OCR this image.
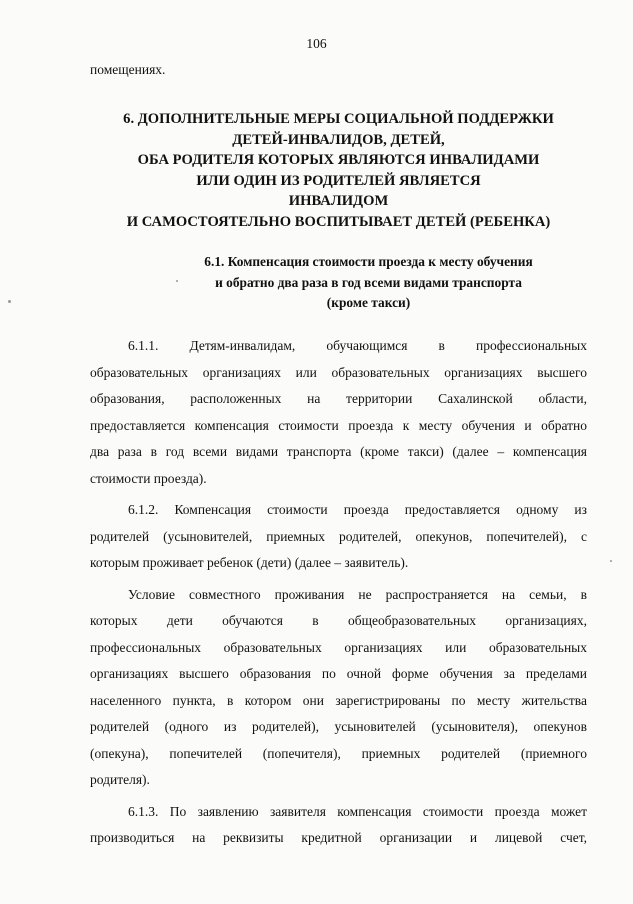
106
помещениях.
6. ДОПОЛНИТЕЛЬНЫЕ МЕРЫ СОЦИАЛЬНОЙ ПОДДЕРЖКИ
ДЕТЕЙ-ИНВАЛИДОВ, ДЕТЕЙ,
ОБА РОДИТЕЛЯ КОТОРЫХ ЯВЛЯЮТСЯ ИНВАЛИДАМИ
ИЛИ ОДИН ИЗ РОДИТЕЛЕЙ ЯВЛЯЕТСЯ
ИНВАЛИДОМ
И САМОСТОЯТЕЛЬНО ВОСПИТЫВАЕТ ДЕТЕЙ (РЕБЕНКА)
6.1. Компенсация стоимости проезда к месту обучения
и обратно два раза в год всеми видами транспорта
(кроме такси)
6.1.1. Детям-инвалидам, обучающимся в профессиональных
образовательных организациях или образовательных организациях высшего
образования, расположенных на территории Сахалинской области,
предоставляется компенсация стоимости проезда к месту обучения и обратно
два раза в год всеми видами транспорта (кроме такси) (далее – компенсация
стоимости проезда).
6.1.2. Компенсация стоимости проезда предоставляется одному из
родителей (усыновителей, приемных родителей, опекунов, попечителей), с
которым проживает ребенок (дети) (далее – заявитель).
Условие совместного проживания не распространяется на семьи, в
которых дети обучаются в общеобразовательных организациях,
профессиональных образовательных организациях или образовательных
организациях высшего образования по очной форме обучения за пределами
населенного пункта, в котором они зарегистрированы по месту жительства
родителей (одного из родителей), усыновителей (усыновителя), опекунов
(опекуна), попечителей (попечителя), приемных родителей (приемного
родителя).
6.1.3. По заявлению заявителя компенсация стоимости проезда может
производиться на реквизиты кредитной организации и лицевой счет,
